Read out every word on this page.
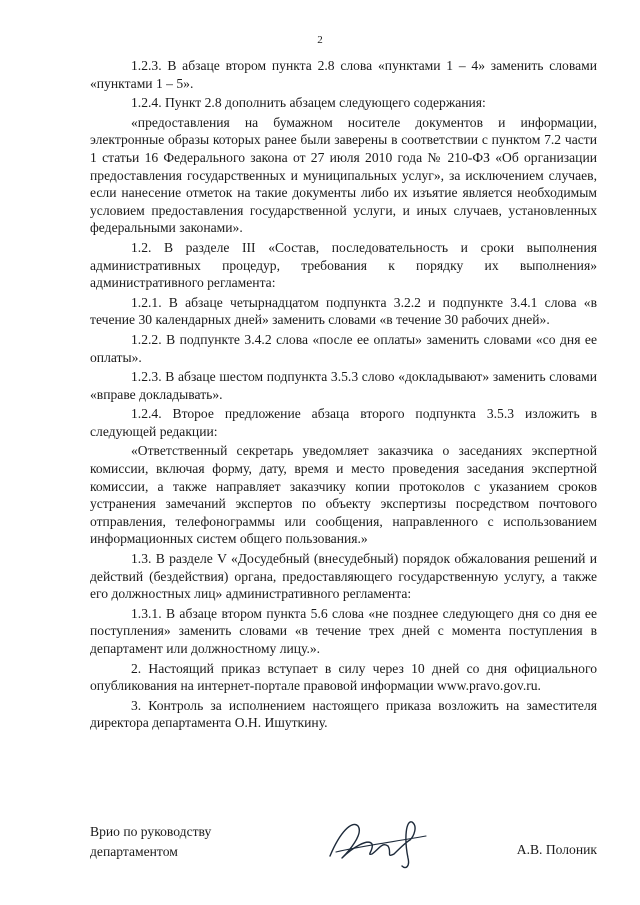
2

1.2.3. В абзаце втором пункта 2.8 слова «пунктами 1 – 4» заменить словами «пунктами 1 – 5».

1.2.4. Пункт 2.8 дополнить абзацем следующего содержания:

«предоставления на бумажном носителе документов и информации, электронные образы которых ранее были заверены в соответствии с пунктом 7.2 части 1 статьи 16 Федерального закона от 27 июля 2010 года № 210-ФЗ «Об организации предоставления государственных и муниципальных услуг», за исключением случаев, если нанесение отметок на такие документы либо их изъятие является необходимым условием предоставления государственной услуги, и иных случаев, установленных федеральными законами».

1.2. В разделе III «Состав, последовательность и сроки выполнения административных процедур, требования к порядку их выполнения» административного регламента:

1.2.1. В абзаце четырнадцатом подпункта 3.2.2 и подпункте 3.4.1 слова «в течение 30 календарных дней» заменить словами «в течение 30 рабочих дней».

1.2.2. В подпункте 3.4.2 слова «после ее оплаты» заменить словами «со дня ее оплаты».

1.2.3. В абзаце шестом подпункта 3.5.3 слово «докладывают» заменить словами «вправе докладывать».

1.2.4. Второе предложение абзаца второго подпункта 3.5.3 изложить в следующей редакции:

«Ответственный секретарь уведомляет заказчика о заседаниях экспертной комиссии, включая форму, дату, время и место проведения заседания экспертной комиссии, а также направляет заказчику копии протоколов с указанием сроков устранения замечаний экспертов по объекту экспертизы посредством почтового отправления, телефонограммы или сообщения, направленного с использованием информационных систем общего пользования.»

1.3. В разделе V «Досудебный (внесудебный) порядок обжалования решений и действий (бездействия) органа, предоставляющего государственную услугу, а также его должностных лиц» административного регламента:

1.3.1. В абзаце втором пункта 5.6 слова «не позднее следующего дня со дня ее поступления» заменить словами «в течение трех дней с момента поступления в департамент или должностному лицу.».

2. Настоящий приказ вступает в силу через 10 дней со дня официального опубликования на интернет-портале правовой информации www.pravo.gov.ru.

3. Контроль за исполнением настоящего приказа возложить на заместителя директора департамента О.Н. Ишуткину.

Врио по руководству
департаментом	А.В. Полоник
